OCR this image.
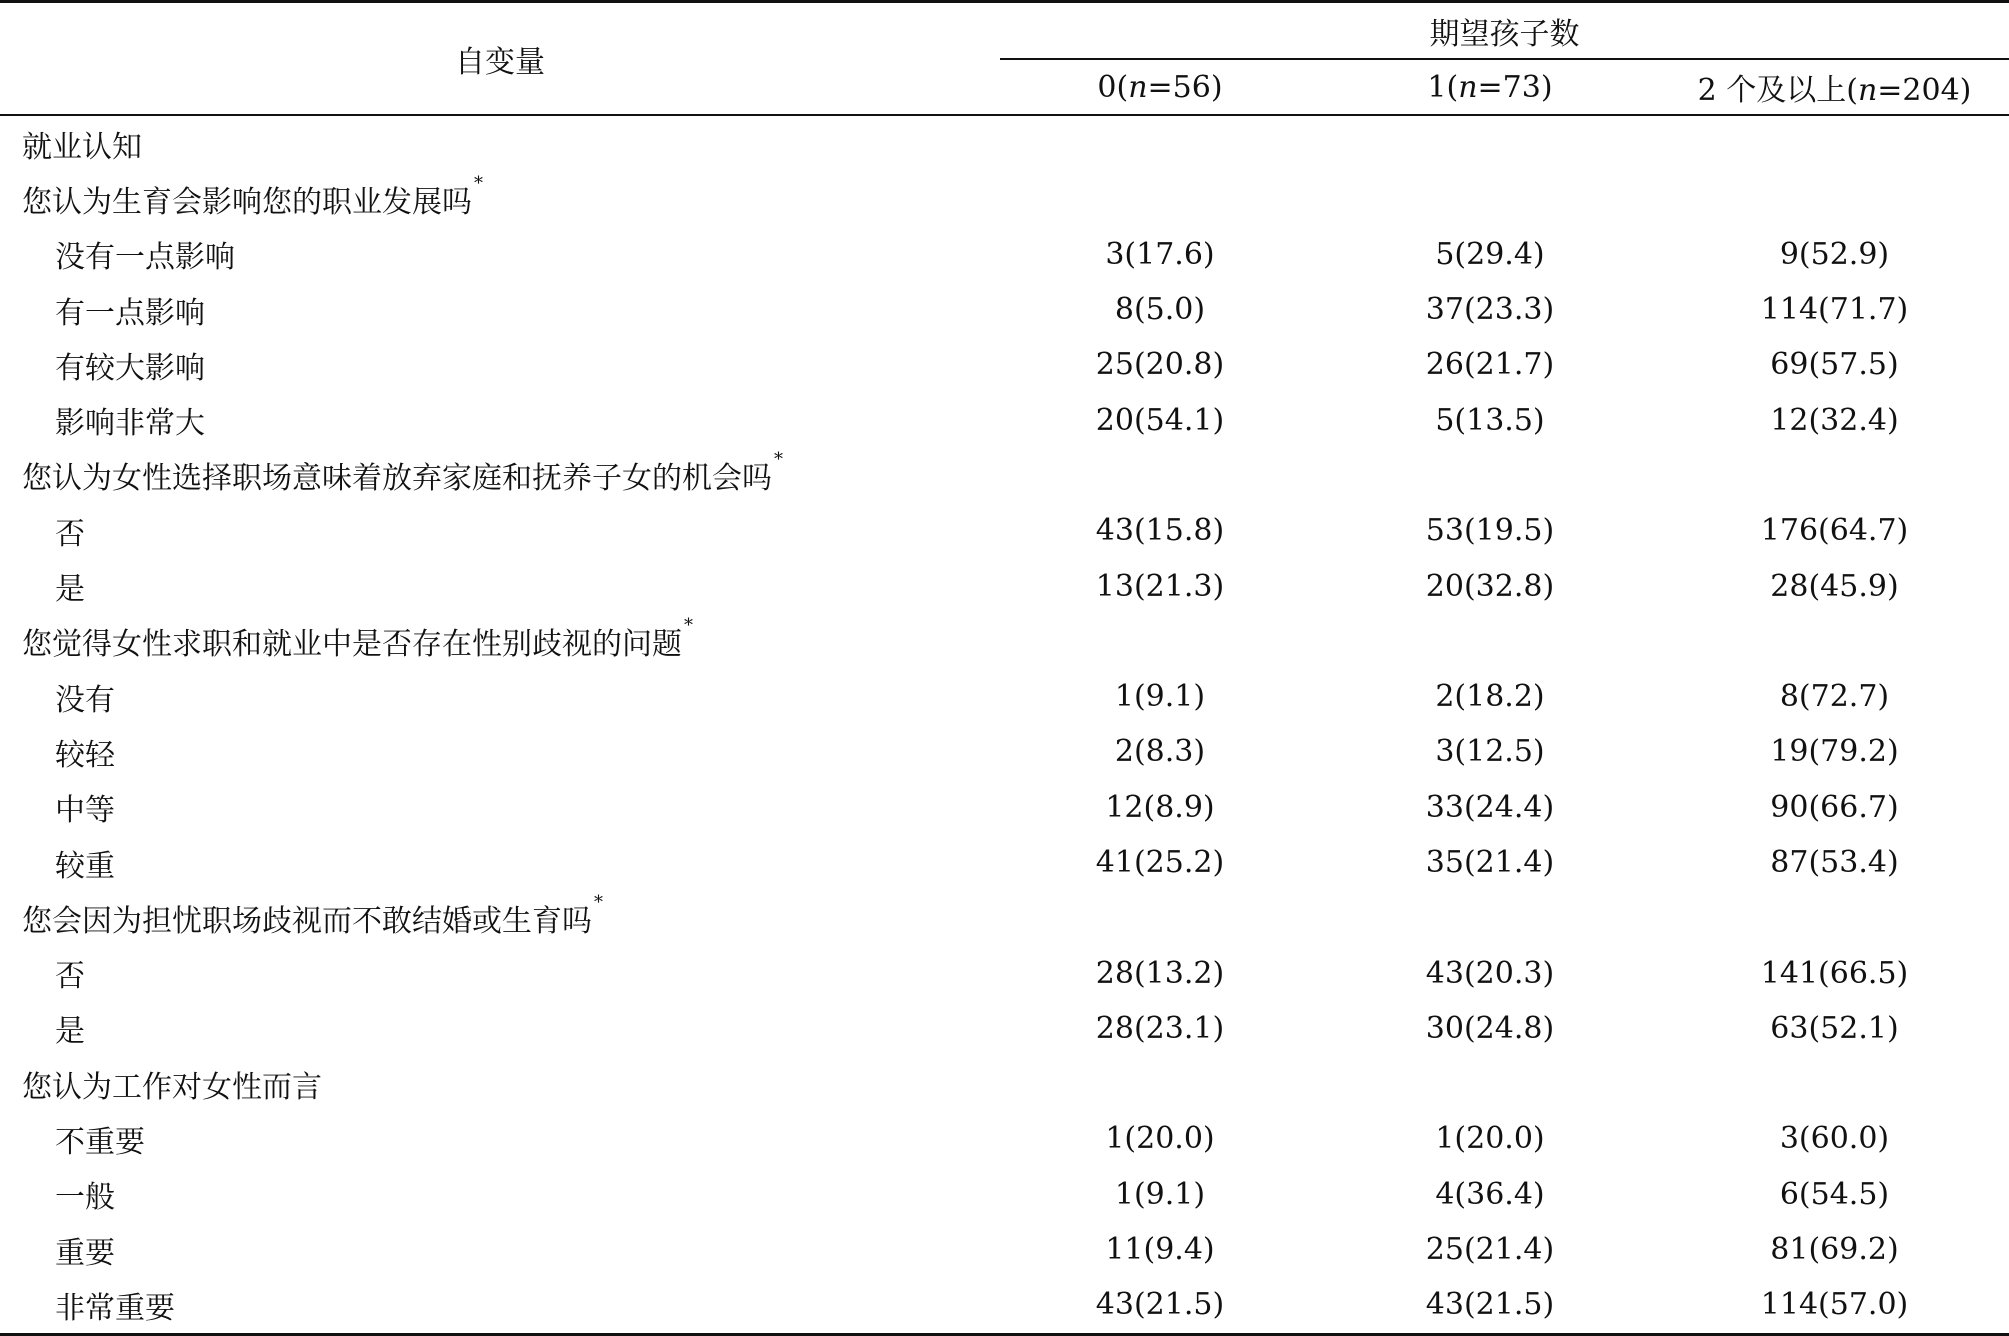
自变量	期望孩子数		
	0(n=56)	1(n=73)	2 个及以上(n=204)
就业认知			
您认为生育会影响您的职业发展吗*
没有一点影响	3(17.6)	5(29.4)	9(52.9)
有一点影响	8(5.0)	37(23.3)	114(71.7)
有较大影响	25(20.8)	26(21.7)	69(57.5)
影响非常大	20(54.1)	5(13.5)	12(32.4)
您认为女性选择职场意味着放弃家庭和抚养子女的机会吗*
否	43(15.8)	53(19.5)	176(64.7)
是	13(21.3)	20(32.8)	28(45.9)
您觉得女性求职和就业中是否存在性别歧视的问题*
没有	1(9.1)	2(18.2)	8(72.7)
较轻	2(8.3)	3(12.5)	19(79.2)
中等	12(8.9)	33(24.4)	90(66.7)
较重	41(25.2)	35(21.4)	87(53.4)
您会因为担忧职场歧视而不敢结婚或生育吗*
否	28(13.2)	43(20.3)	141(66.5)
是	28(23.1)	30(24.8)	63(52.1)
您认为工作对女性而言			
不重要	1(20.0)	1(20.0)	3(60.0)
一般	1(9.1)	4(36.4)	6(54.5)
重要	11(9.4)	25(21.4)	81(69.2)
非常重要	43(21.5)	43(21.5)	114(57.0)
